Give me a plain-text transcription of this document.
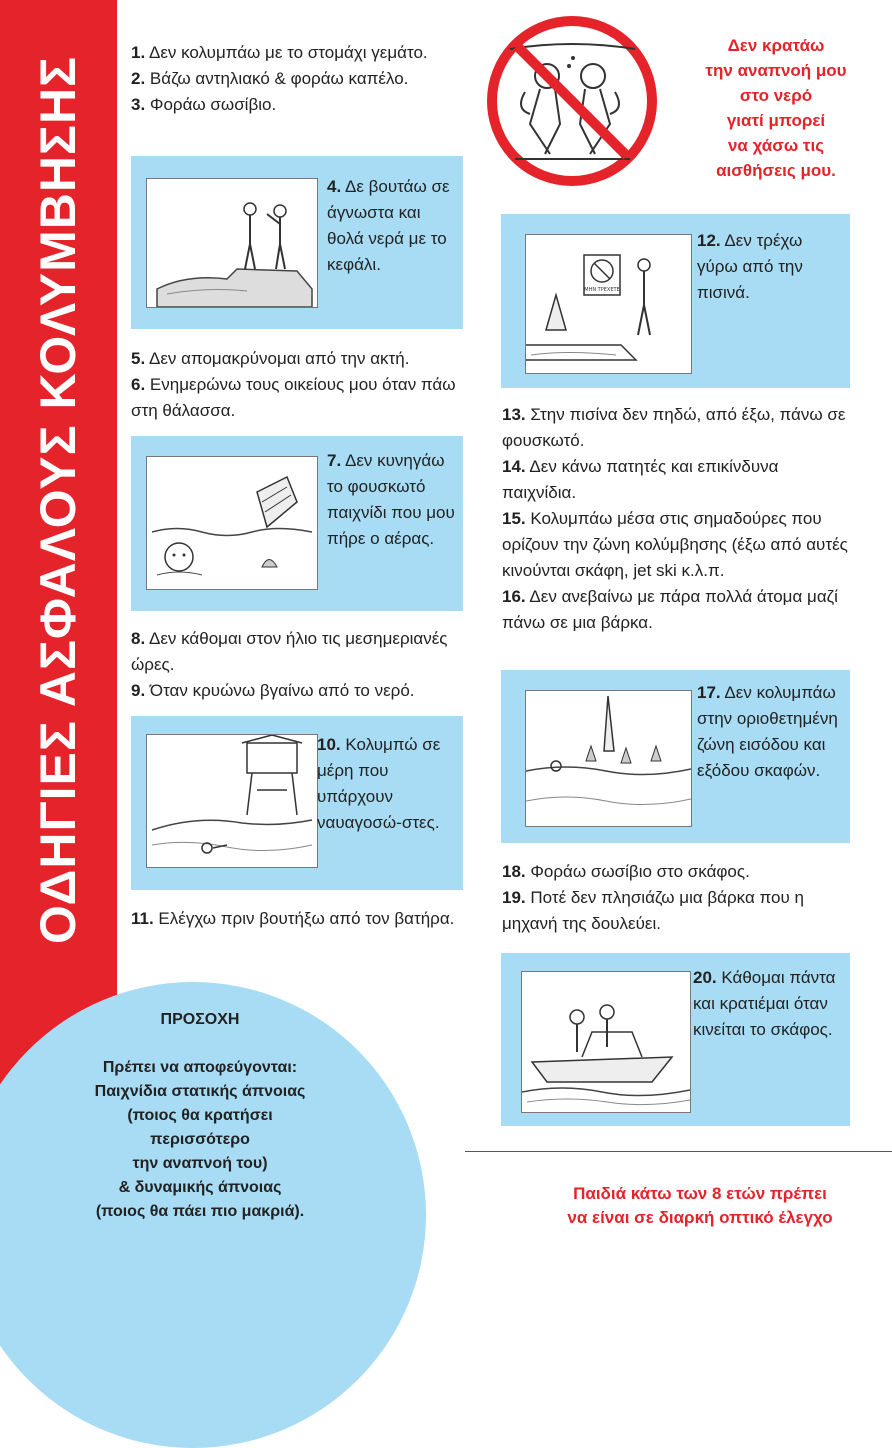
ΟΔΗΓΙΕΣ ΑΣΦΑΛΟΥΣ ΚΟΛΥΜΒΗΣΗΣ

1. Δεν κολυμπάω με το στομάχι γεμάτο.

2. Βάζω αντηλιακό & φοράω καπέλο.

3. Φοράω σωσίβιο.

Δεν κρατάω
την αναπνοή μου
στο νερό
γιατί μπορεί
να χάσω τις
αισθήσεις μου.
4. Δε βουτάω σε άγνωστα και θολά νερά με το κεφάλι.

5. Δεν απομακρύνομαι από την ακτή.

6. Ενημερώνω τους οικείους μου όταν πάω στη θάλασσα.

7. Δεν κυνηγάω το φουσκωτό παιχνίδι που μου πήρε ο αέρας.

8. Δεν κάθομαι στον ήλιο τις μεσημεριανές ώρες.

9. Όταν κρυώνω βγαίνω από το νερό.

10. Κολυμπώ σε μέρη που υπάρχουν ναυαγοσώ-στες.

11. Ελέγχω πριν βουτήξω από τον βατήρα.

ΠΡΟΣΟΧΗ
Πρέπει να αποφεύγονται:
Παιχνίδια στατικής άπνοιας
(ποιος θα κρατήσει
περισσότερο
την αναπνοή του)
& δυναμικής άπνοιας
(ποιος θα πάει πιο μακριά).
ΜΗΝ ΤΡΕΧΕΤΕ
12. Δεν τρέχω γύρω από την πισινά.

13. Στην πισίνα δεν πηδώ, από έξω, πάνω σε φουσκωτό.

14. Δεν κάνω πατητές και επικίνδυνα παιχνίδια.

15. Κολυμπάω μέσα στις σημαδούρες που ορίζουν την ζώνη κολύμβησης (έξω από αυτές κινούνται σκάφη, jet ski κ.λ.π.

16. Δεν ανεβαίνω με πάρα πολλά άτομα μαζί πάνω σε μια βάρκα.

17. Δεν κολυμπάω στην οριοθετημένη ζώνη εισόδου και εξόδου σκαφών.

18. Φοράω σωσίβιο στο σκάφος.

19. Ποτέ δεν πλησιάζω μια βάρκα που η μηχανή της δουλεύει.

20. Κάθομαι πάντα και κρατιέμαι όταν κινείται το σκάφος.
Παιδιά κάτω των 8 ετών πρέπει
να είναι σε διαρκή οπτικό έλεγχο
